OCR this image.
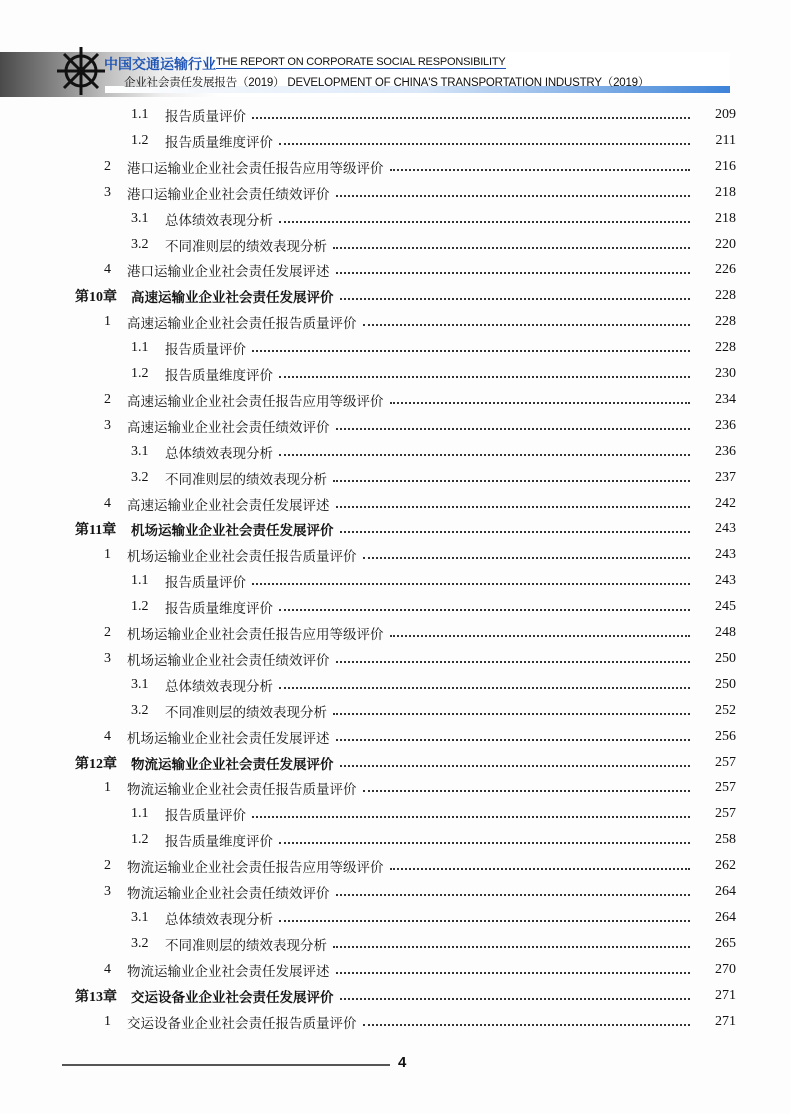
中国交通运输行业 THE REPORT ON CORPORATE SOCIAL RESPONSIBILITY
企业社会责任发展报告（2019） DEVELOPMENT OF CHINA'S TRANSPORTATION INDUSTRY（2019）
1.1 报告质量评价	209
1.2 报告质量维度评价	211
2 港口运输业企业社会责任报告应用等级评价	216
3 港口运输业企业社会责任绩效评价	218
3.1 总体绩效表现分析	218
3.2 不同准则层的绩效表现分析	220
4 港口运输业企业社会责任发展评述	226
第10章 高速运输业企业社会责任发展评价	228
1 高速运输业企业社会责任报告质量评价	228
1.1 报告质量评价	228
1.2 报告质量维度评价	230
2 高速运输业企业社会责任报告应用等级评价	234
3 高速运输业企业社会责任绩效评价	236
3.1 总体绩效表现分析	236
3.2 不同准则层的绩效表现分析	237
4 高速运输业企业社会责任发展评述	242
第11章 机场运输业企业社会责任发展评价	243
1 机场运输业企业社会责任报告质量评价	243
1.1 报告质量评价	243
1.2 报告质量维度评价	245
2 机场运输业企业社会责任报告应用等级评价	248
3 机场运输业企业社会责任绩效评价	250
3.1 总体绩效表现分析	250
3.2 不同准则层的绩效表现分析	252
4 机场运输业企业社会责任发展评述	256
第12章 物流运输业企业社会责任发展评价	257
1 物流运输业企业社会责任报告质量评价	257
1.1 报告质量评价	257
1.2 报告质量维度评价	258
2 物流运输业企业社会责任报告应用等级评价	262
3 物流运输业企业社会责任绩效评价	264
3.1 总体绩效表现分析	264
3.2 不同准则层的绩效表现分析	265
4 物流运输业企业社会责任发展评述	270
第13章 交运设备业企业社会责任发展评价	271
1 交运设备业企业社会责任报告质量评价	271
4
